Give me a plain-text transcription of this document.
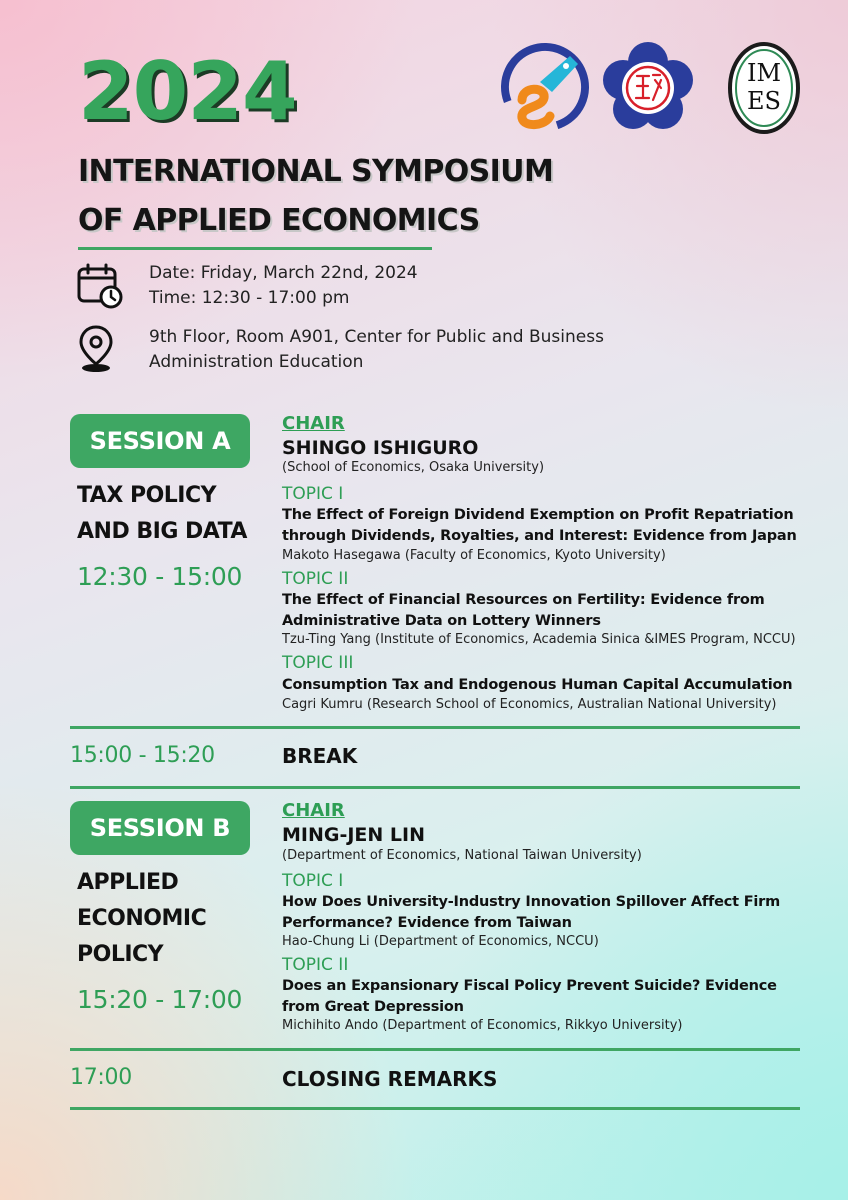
2024
INTERNATIONAL SYMPOSIUM
OF APPLIED ECONOMICS
Date: Friday, March 22nd, 2024
Time: 12:30 - 17:00 pm
9th Floor, Room A901, Center for Public and Business
Administration Education
IM
ES
SESSION A
TAX POLICY
AND BIG DATA
12:30 - 15:00
CHAIR
SHINGO ISHIGURO
(School of Economics, Osaka University)
TOPIC I
The Effect of Foreign Dividend Exemption on Profit Repatriation
through Dividends, Royalties, and Interest: Evidence from Japan
Makoto Hasegawa (Faculty of Economics, Kyoto University)
TOPIC II
The Effect of Financial Resources on Fertility: Evidence from
Administrative Data on Lottery Winners
Tzu-Ting Yang (Institute of Economics, Academia Sinica &IMES Program, NCCU)
TOPIC III
Consumption Tax and Endogenous Human Capital Accumulation
Cagri Kumru (Research School of Economics, Australian National University)
15:00 - 15:20	BREAK
SESSION B
APPLIED
ECONOMIC
POLICY
15:20 - 17:00
CHAIR
MING-JEN LIN
(Department of Economics, National Taiwan University)
TOPIC I
How Does University-Industry Innovation Spillover Affect Firm
Performance? Evidence from Taiwan
Hao-Chung Li (Department of Economics, NCCU)
TOPIC II
Does an Expansionary Fiscal Policy Prevent Suicide? Evidence
from Great Depression
Michihito Ando (Department of Economics, Rikkyo University)
17:00	CLOSING REMARKS
